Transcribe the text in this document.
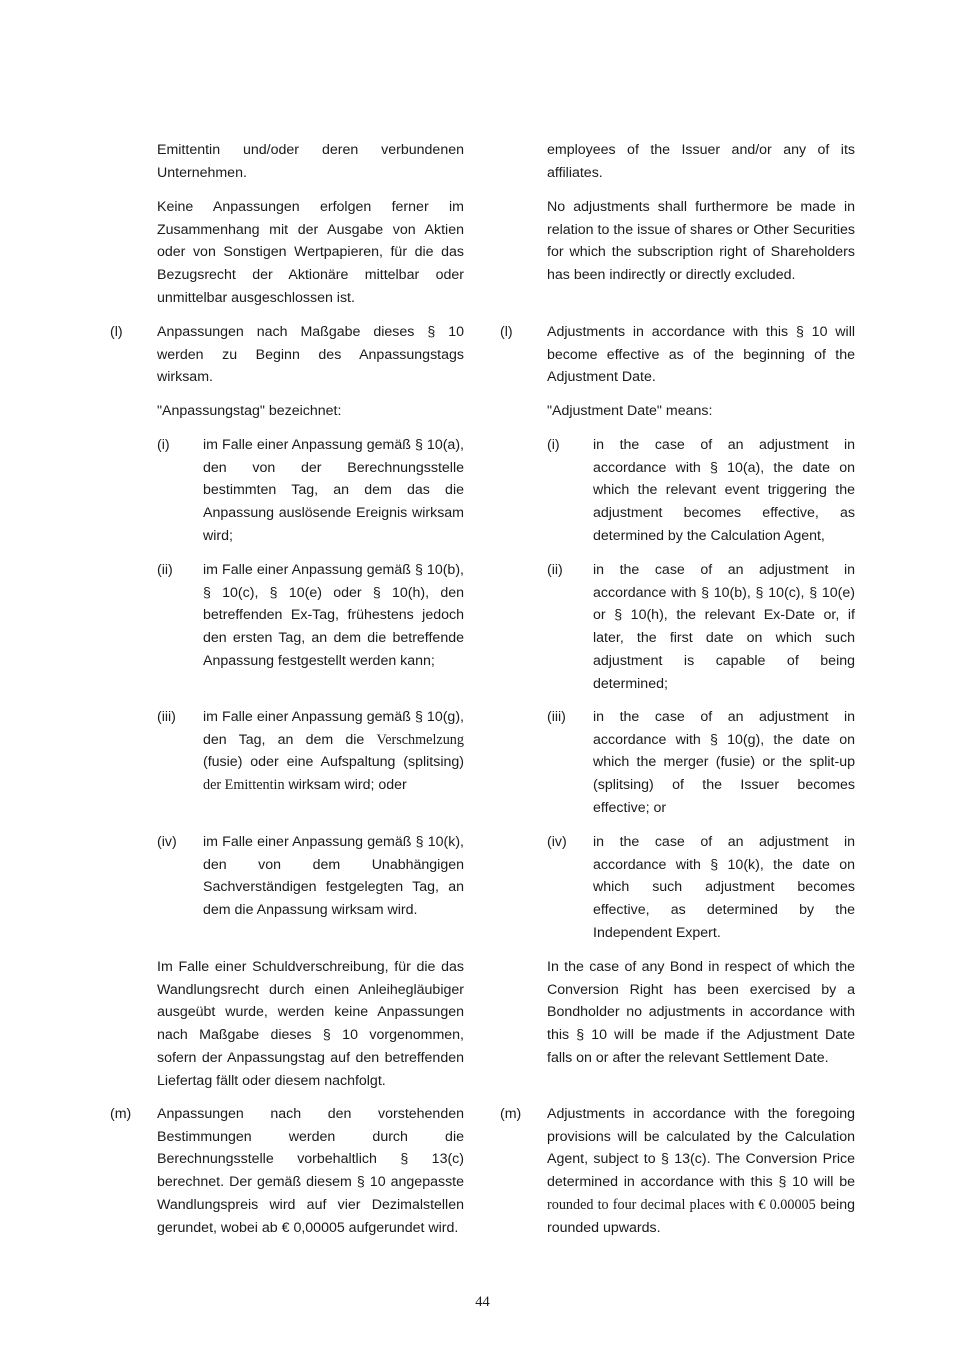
Emittentin und/oder deren verbundenen Unternehmen.
Keine Anpassungen erfolgen ferner im Zusammenhang mit der Ausgabe von Aktien oder von Sonstigen Wertpapieren, für die das Bezugsrecht der Aktionäre mittelbar oder unmittelbar ausgeschlossen ist.
(l) Anpassungen nach Maßgabe dieses § 10 werden zu Beginn des Anpassungstags wirksam.
"Anpassungstag" bezeichnet:
(i) im Falle einer Anpassung gemäß § 10(a), den von der Berechnungsstelle bestimmten Tag, an dem das die Anpassung auslösende Ereignis wirksam wird;
(ii) im Falle einer Anpassung gemäß § 10(b), § 10(c), § 10(e) oder § 10(h), den betreffenden Ex-Tag, frühestens jedoch den ersten Tag, an dem die betreffende Anpassung festgestellt werden kann;
(iii) im Falle einer Anpassung gemäß § 10(g), den Tag, an dem die Verschmelzung (fusie) oder eine Aufspaltung (splitsing) der Emittentin wirksam wird; oder
(iv) im Falle einer Anpassung gemäß § 10(k), den von dem Unabhängigen Sachverständigen festgelegten Tag, an dem die Anpassung wirksam wird.
Im Falle einer Schuldverschreibung, für die das Wandlungsrecht durch einen Anleihegläubiger ausgeübt wurde, werden keine Anpassungen nach Maßgabe dieses § 10 vorgenommen, sofern der Anpassungstag auf den betreffenden Liefertag fällt oder diesem nachfolgt.
(m) Anpassungen nach den vorstehenden Bestimmungen werden durch die Berechnungsstelle vorbehaltlich § 13(c) berechnet. Der gemäß diesem § 10 angepasste Wandlungspreis wird auf vier Dezimalstellen gerundet, wobei ab € 0,00005 aufgerundet wird.
employees of the Issuer and/or any of its affiliates.
No adjustments shall furthermore be made in relation to the issue of shares or Other Securities for which the subscription right of Shareholders has been indirectly or directly excluded.
(l) Adjustments in accordance with this § 10 will become effective as of the beginning of the Adjustment Date.
"Adjustment Date" means:
(i) in the case of an adjustment in accordance with § 10(a), the date on which the relevant event triggering the adjustment becomes effective, as determined by the Calculation Agent,
(ii) in the case of an adjustment in accordance with § 10(b), § 10(c), § 10(e) or § 10(h), the relevant Ex-Date or, if later, the first date on which such adjustment is capable of being determined;
(iii) in the case of an adjustment in accordance with § 10(g), the date on which the merger (fusie) or the split-up (splitsing) of the Issuer becomes effective; or
(iv) in the case of an adjustment in accordance with § 10(k), the date on which such adjustment becomes effective, as determined by the Independent Expert.
In the case of any Bond in respect of which the Conversion Right has been exercised by a Bondholder no adjustments in accordance with this § 10 will be made if the Adjustment Date falls on or after the relevant Settlement Date.
(m) Adjustments in accordance with the foregoing provisions will be calculated by the Calculation Agent, subject to § 13(c). The Conversion Price determined in accordance with this § 10 will be rounded to four decimal places with € 0.00005 being rounded upwards.
44
